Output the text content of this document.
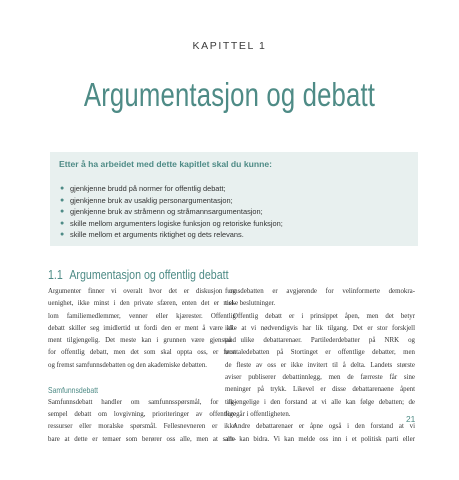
KAPITTEL 1
Argumentasjon og debatt
Etter å ha arbeidet med dette kapitlet skal du kunne:
● gjenkjenne brudd på normer for offentlig debatt;
● gjenkjenne bruk av usaklig personargumentasjon;
● gjenkjenne bruk av stråmenn og stråmannsargumentasjon;
● skille mellom argumenters logiske funksjon og retoriske funksjon;
● skille mellom et arguments riktighet og dets relevans.
1.1 Argumentasjon og offentlig debatt

Argumenter finner vi overalt hvor det er diskusjon og

uenighet, ikke minst i den private sfæren, enten det er mel-

lom familiemedlemmer, venner eller kjærester. Offentlig

debatt skiller seg imidlertid ut fordi den er ment å være all-

ment tilgjengelig. Det meste kan i grunnen være gjenstand

for offentlig debatt, men det som skal oppta oss, er først

og fremst samfunnsdebatten og den akademiske debatten.

Samfunnsdebatt

Samfunnsdebatt handler om samfunnsspørsmål, for ek-

sempel debatt om lovgivning, prioriteringer av offentlige

ressurser eller moralske spørsmål. Fellesnevneren er ikke

bare at dette er temaer som berører oss alle, men at sam-

funnsdebatten er avgjørende for velinformerte demokra-

tiske beslutninger.

Offentlig debatt er i prinsippet åpen, men det betyr

ikke at vi nødvendigvis har lik tilgang. Det er stor forskjell

på ulike debattarenaer. Partilederdebatter på NRK og

trontaledebatten på Stortinget er offentlige debatter, men

de fleste av oss er ikke invitert til å delta. Landets største

aviser publiserer debattinnlegg, men de færreste får sine

meninger på trykk. Likevel er disse debattarenaene åpent

tilgjengelige i den forstand at vi alle kan følge debatten; de

foregår i offentligheten.

Andre debattarenaer er åpne også i den forstand at vi

alle kan bidra. Vi kan melde oss inn i et politisk parti eller

21
